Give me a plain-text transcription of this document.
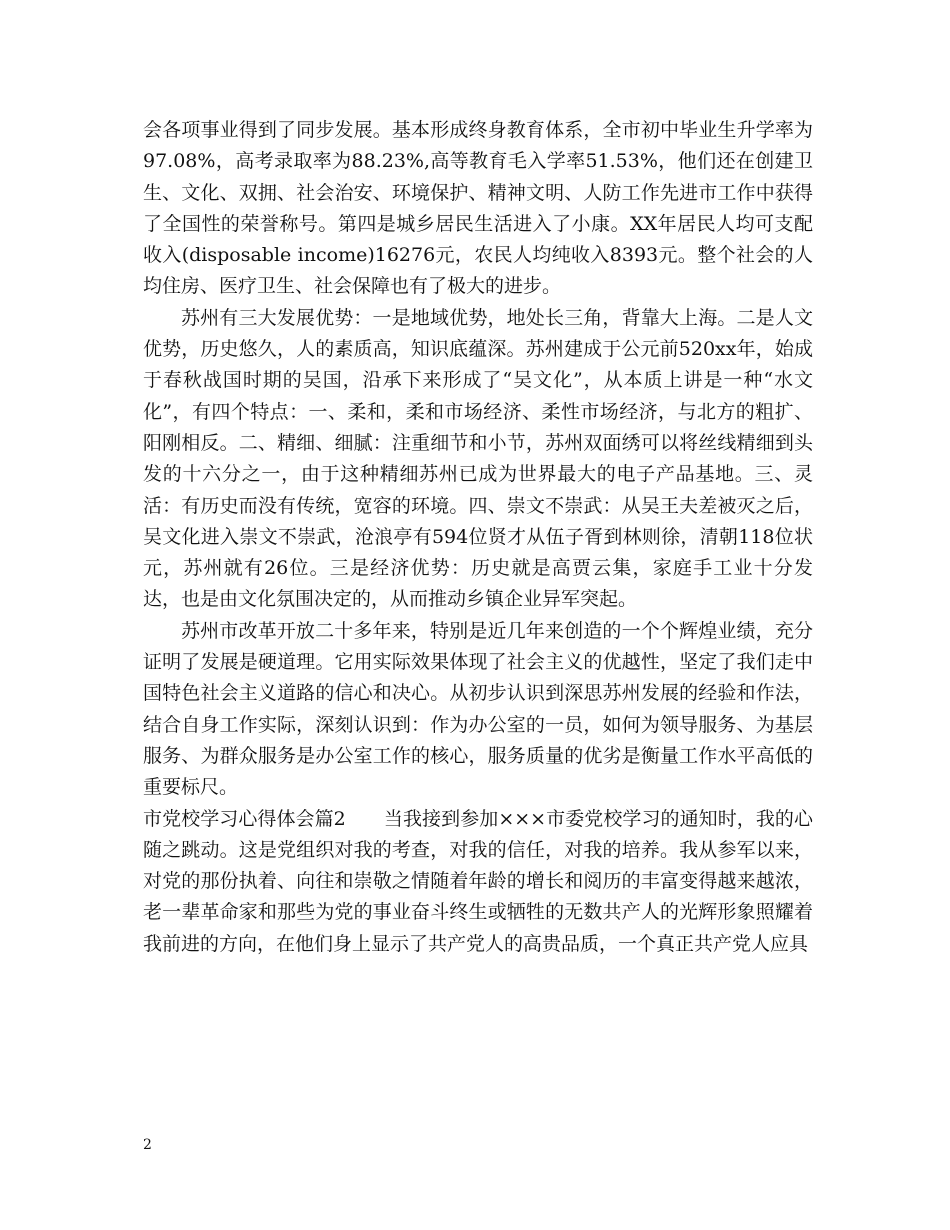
会各项事业得到了同步发展。基本形成终身教育体系，全市初中毕业生升学率为97.08%，高考录取率为88.23%,高等教育毛入学率51.53%，他们还在创建卫生、文化、双拥、社会治安、环境保护、精神文明、人防工作先进市工作中获得了全国性的荣誉称号。第四是城乡居民生活进入了小康。XX年居民人均可支配收入(disposable income)16276元，农民人均纯收入8393元。整个社会的人均住房、医疗卫生、社会保障也有了极大的进步。

苏州有三大发展优势：一是地域优势，地处长三角，背靠大上海。二是人文优势，历史悠久，人的素质高，知识底蕴深。苏州建成于公元前520xx年，始成于春秋战国时期的吴国，沿承下来形成了“吴文化”，从本质上讲是一种“水文化”，有四个特点：一、柔和，柔和市场经济、柔性市场经济，与北方的粗扩、阳刚相反。二、精细、细腻：注重细节和小节，苏州双面绣可以将丝线精细到头发的十六分之一，由于这种精细苏州已成为世界最大的电子产品基地。三、灵活：有历史而没有传统，宽容的环境。四、崇文不崇武：从吴王夫差被灭之后，吴文化进入崇文不崇武，沧浪亭有594位贤才从伍子胥到林则徐，清朝118位状元，苏州就有26位。三是经济优势：历史就是高贾云集，家庭手工业十分发达，也是由文化氛围决定的，从而推动乡镇企业异军突起。

苏州市改革开放二十多年来，特别是近几年来创造的一个个辉煌业绩，充分证明了发展是硬道理。它用实际效果体现了社会主义的优越性，坚定了我们走中国特色社会主义道路的信心和决心。从初步认识到深思苏州发展的经验和作法，结合自身工作实际，深刻认识到：作为办公室的一员，如何为领导服务、为基层服务、为群众服务是办公室工作的核心，服务质量的优劣是衡量工作水平高低的重要标尺。

市党校学习心得体会篇2　　当我接到参加×××市委党校学习的通知时，我的心随之跳动。这是党组织对我的考查，对我的信任，对我的培养。我从参军以来，对党的那份执着、向往和崇敬之情随着年龄的增长和阅历的丰富变得越来越浓，老一辈革命家和那些为党的事业奋斗终生或牺牲的无数共产人的光辉形象照耀着我前进的方向，在他们身上显示了共产党人的高贵品质，一个真正共产党人应具

2
